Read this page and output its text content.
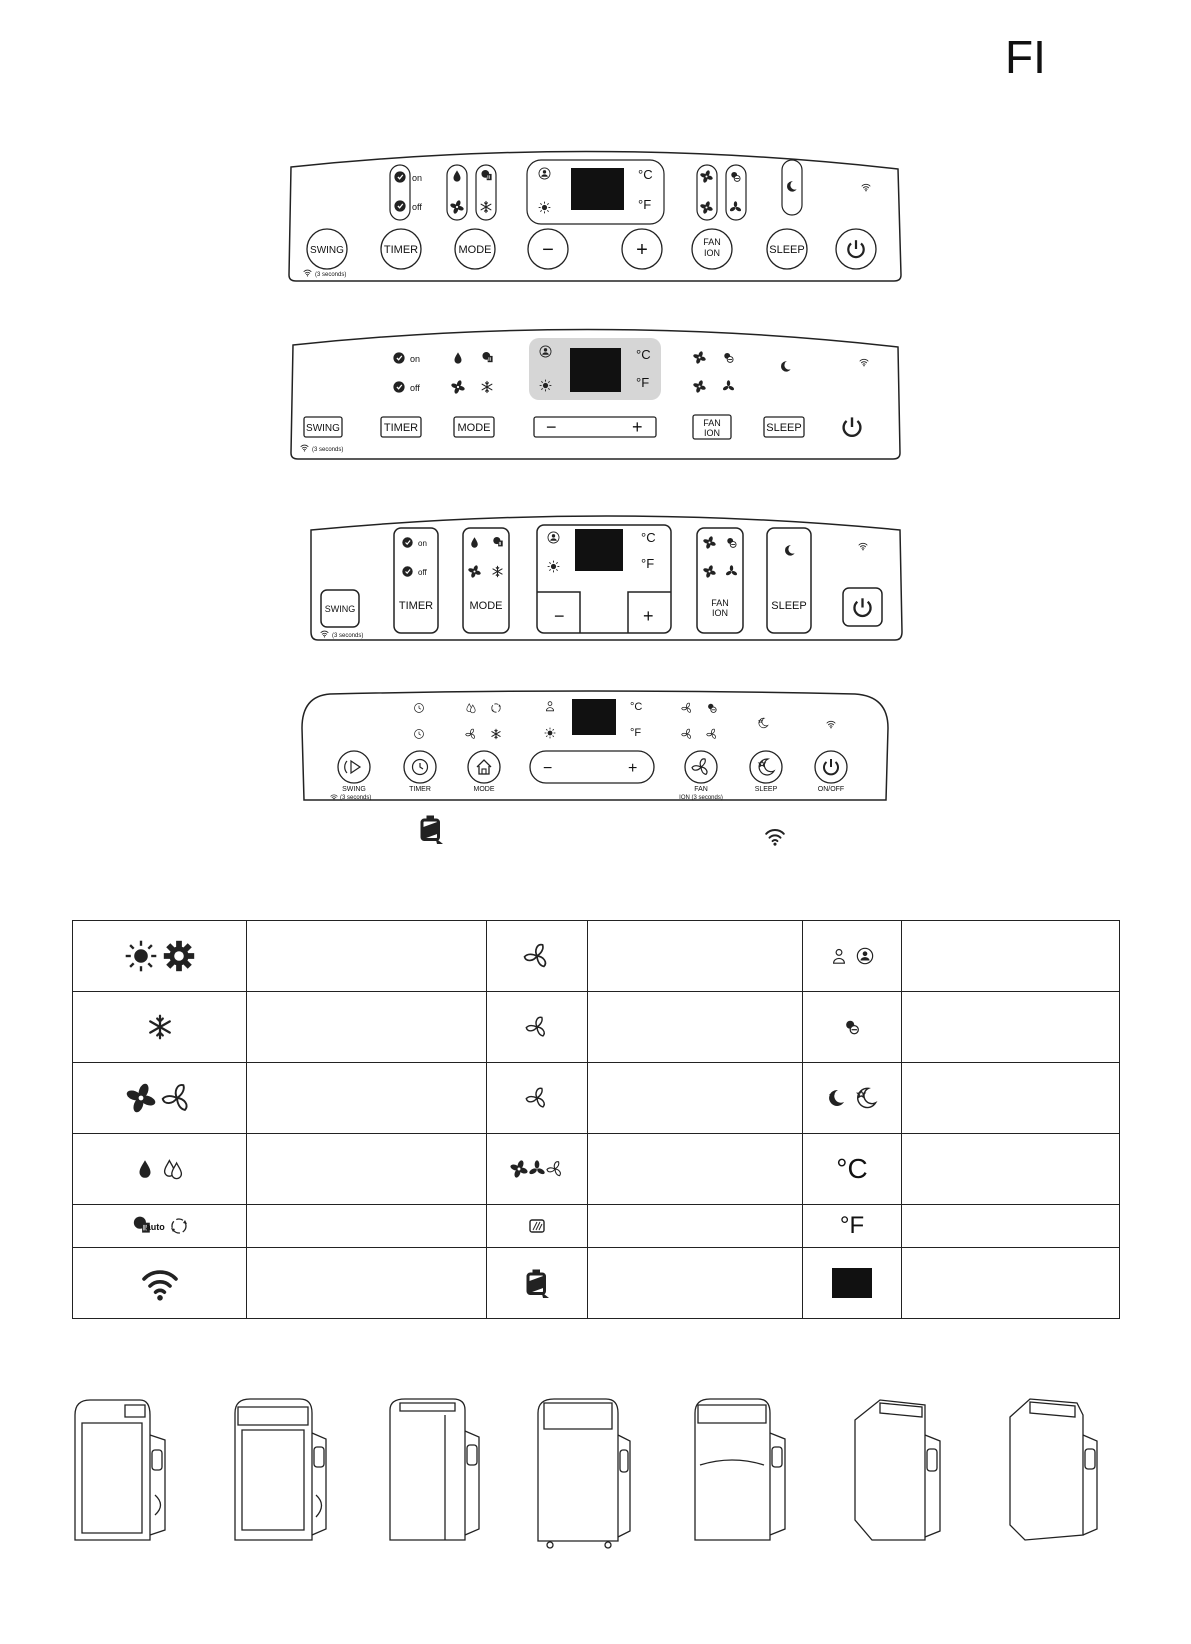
FI
on
off
°C
°F
SWING
(3 seconds)
TIMER	MODE	−	+	FAN
ION	SLEEP
on
off
°C
°F
SWING
(3 seconds)
TIMER	MODE	−	+	FAN
ION	SLEEP
on
off
TIMER	MODE
°C
°F
−	+
FAN
ION
SLEEP
SWING
(3 seconds)
°C
°F
SWING
(3 seconds)
TIMER	MODE
−	+
FAN
ION (3 seconds)
SLEEP	ON/OFF

				°C	
auto				°F	
